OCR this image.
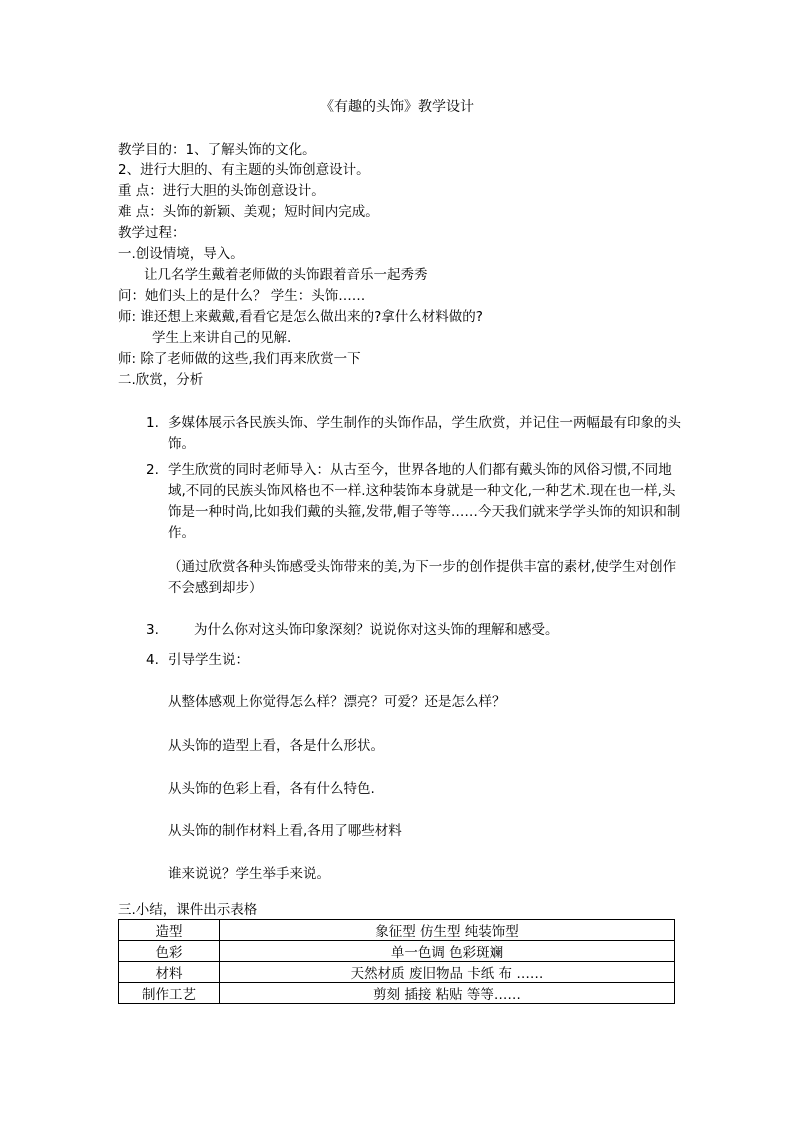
《有趣的头饰》教学设计
教学目的：1、了解头饰的文化。
2、进行大胆的、有主题的头饰创意设计。
重 点：进行大胆的头饰创意设计。
难 点：头饰的新颖、美观；短时间内完成。
教学过程：
一.创设情境，导入。
让几名学生戴着老师做的头饰跟着音乐一起秀秀
问：她们头上的是什么？ 学生：头饰……
师: 谁还想上来戴戴,看看它是怎么做出来的?拿什么材料做的?
学生上来讲自己的见解.
师: 除了老师做的这些,我们再来欣赏一下
二.欣赏，分析
1. 多媒体展示各民族头饰、学生制作的头饰作品，学生欣赏，并记住一两幅最有印象的头饰。
2. 学生欣赏的同时老师导入：从古至今，世界各地的人们都有戴头饰的风俗习惯,不同地域,不同的民族头饰风格也不一样.这种装饰本身就是一种文化,一种艺术.现在也一样,头饰是一种时尚,比如我们戴的头箍,发带,帽子等等……今天我们就来学学头饰的知识和制作。
（通过欣赏各种头饰感受头饰带来的美,为下一步的创作提供丰富的素材,使学生对创作不会感到却步）
3.	为什么你对这头饰印象深刻？说说你对这头饰的理解和感受。
4. 引导学生说：
从整体感观上你觉得怎么样？漂亮？可爱？还是怎么样？
从头饰的造型上看，各是什么形状。
从头饰的色彩上看，各有什么特色.
从头饰的制作材料上看,各用了哪些材料
谁来说说？学生举手来说。
三.小结，课件出示表格
造型	象征型 仿生型 纯装饰型
色彩	单一色调 色彩斑斓
材料	天然材质 废旧物品 卡纸 布 ……
制作工艺	剪刻 插接 粘贴 等等……
